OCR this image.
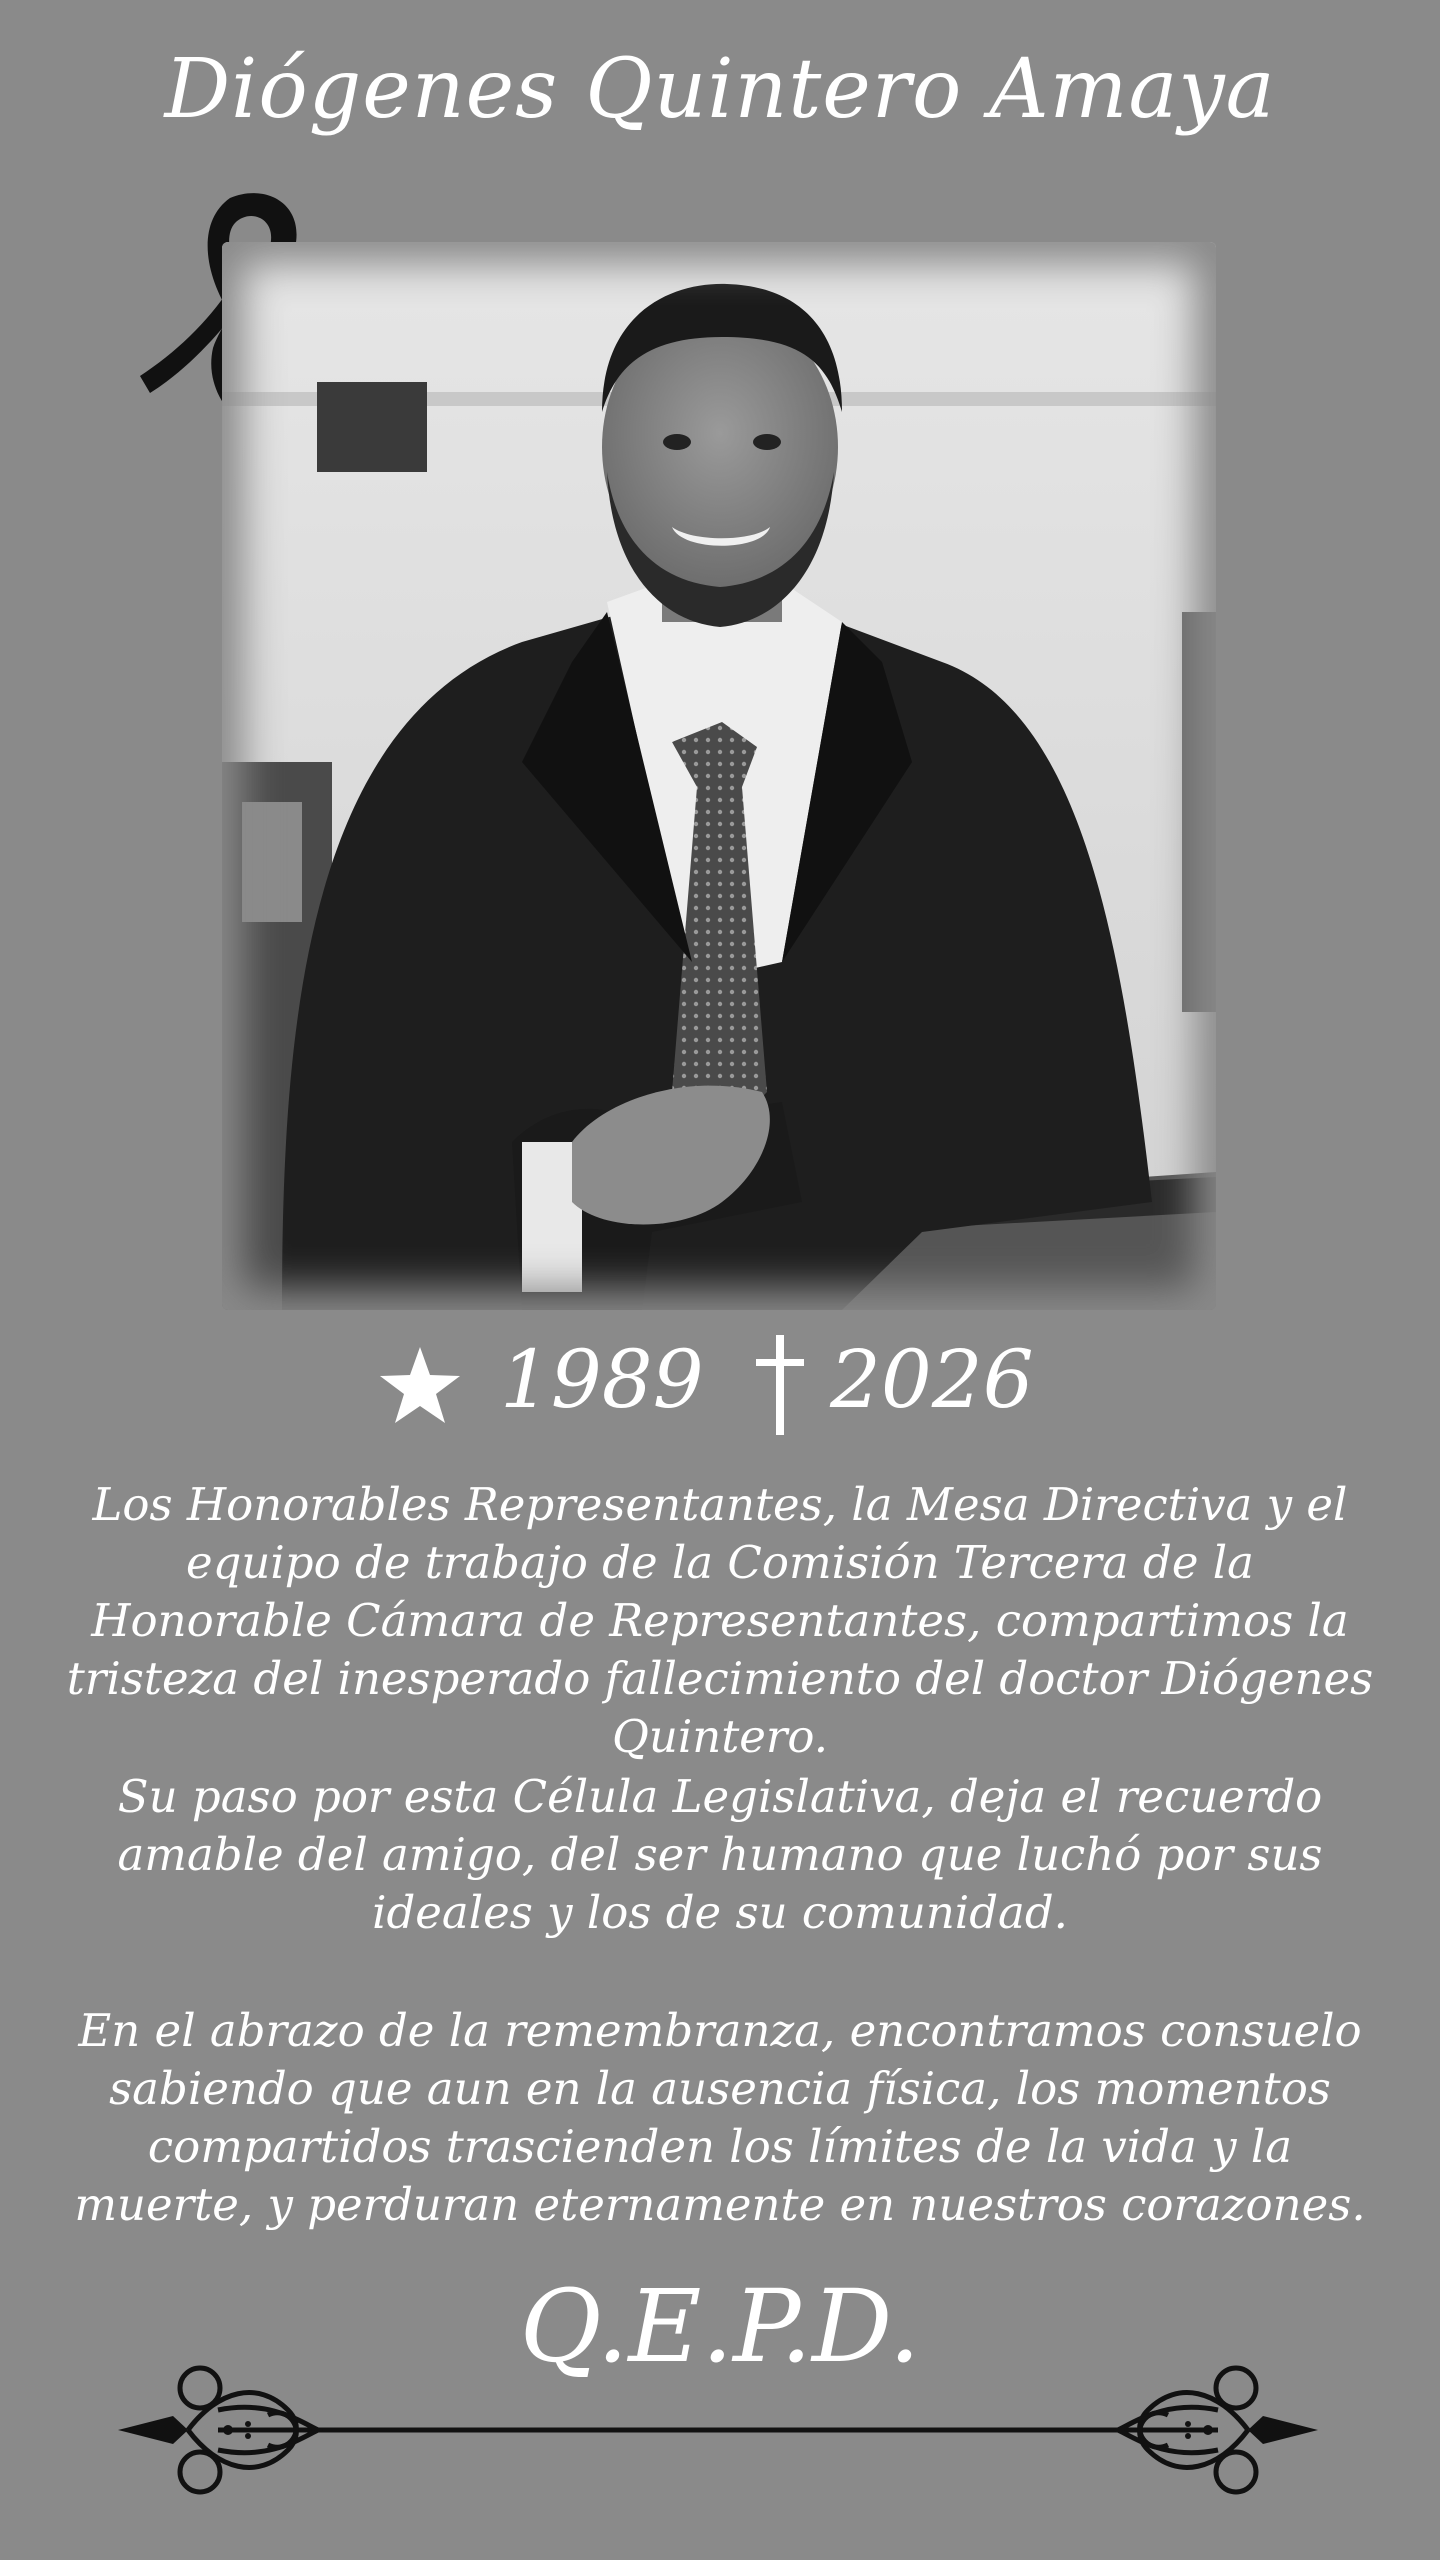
Diógenes Quintero Amaya
1989 2026

Los Honorables Representantes, la Mesa Directiva y el equipo de trabajo de la Comisión Tercera de la Honorable Cámara de Representantes, compartimos la tristeza del inesperado fallecimiento del doctor Diógenes Quintero.

Su paso por esta Célula Legislativa, deja el recuerdo amable del amigo, del ser humano que luchó por sus ideales y los de su comunidad.

En el abrazo de la remembranza, encontramos consuelo sabiendo que aun en la ausencia física, los momentos compartidos trascienden los límites de la vida y la muerte, y perduran eternamente en nuestros corazones.

Q.E.P.D.
